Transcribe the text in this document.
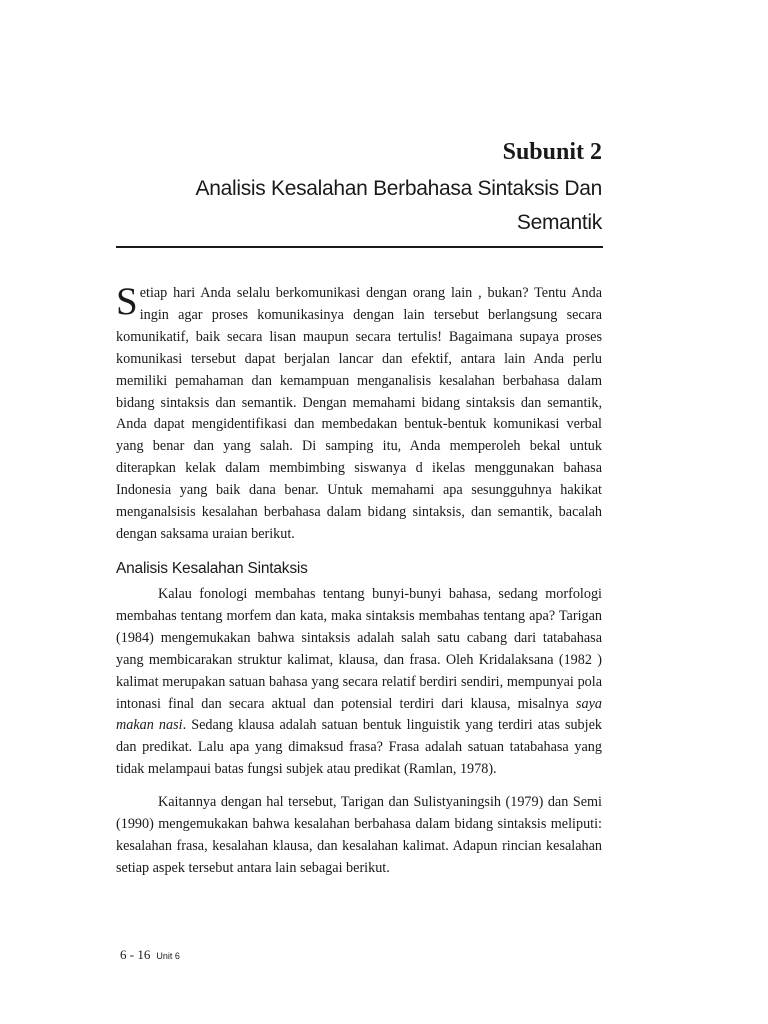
Subunit 2
Analisis Kesalahan Berbahasa Sintaksis Dan
Semantik

Setiap hari Anda selalu berkomunikasi dengan orang lain , bukan? Tentu Anda ingin agar proses komunikasinya dengan lain tersebut berlangsung secara komunikatif, baik secara lisan maupun secara tertulis! Bagaimana supaya proses komunikasi tersebut dapat berjalan lancar dan efektif, antara lain Anda perlu memiliki pemahaman dan kemampuan menganalisis kesalahan berbahasa dalam bidang sintaksis dan semantik. Dengan memahami bidang sintaksis dan semantik, Anda dapat mengidentifikasi dan membedakan bentuk-bentuk komunikasi verbal yang benar dan yang salah. Di samping itu, Anda memperoleh bekal untuk diterapkan kelak dalam membimbing siswanya d ikelas menggunakan bahasa Indonesia yang baik dana benar. Untuk memahami apa sesungguhnya hakikat menganalsisis kesalahan berbahasa dalam bidang sintaksis, dan semantik, bacalah dengan saksama uraian berikut.

Analisis Kesalahan Sintaksis

Kalau fonologi membahas tentang bunyi-bunyi bahasa, sedang morfologi membahas tentang morfem dan kata, maka sintaksis membahas tentang apa? Tarigan (1984) mengemukakan bahwa sintaksis adalah salah satu cabang dari tatabahasa yang membicarakan struktur kalimat, klausa, dan frasa. Oleh Kridalaksana (1982 ) kalimat merupakan satuan bahasa yang secara relatif berdiri sendiri, mempunyai pola intonasi final dan secara aktual dan potensial terdiri dari klausa, misalnya saya makan nasi. Sedang klausa adalah satuan bentuk linguistik yang terdiri atas subjek dan predikat. Lalu apa yang dimaksud frasa? Frasa adalah satuan tatabahasa yang tidak melampaui batas fungsi subjek atau predikat (Ramlan, 1978).

Kaitannya dengan hal tersebut, Tarigan dan Sulistyaningsih (1979) dan Semi (1990) mengemukakan bahwa kesalahan berbahasa dalam bidang sintaksis meliputi: kesalahan frasa, kesalahan klausa, dan kesalahan kalimat. Adapun rincian kesalahan setiap aspek tersebut antara lain sebagai berikut.

6 - 16 Unit 6
